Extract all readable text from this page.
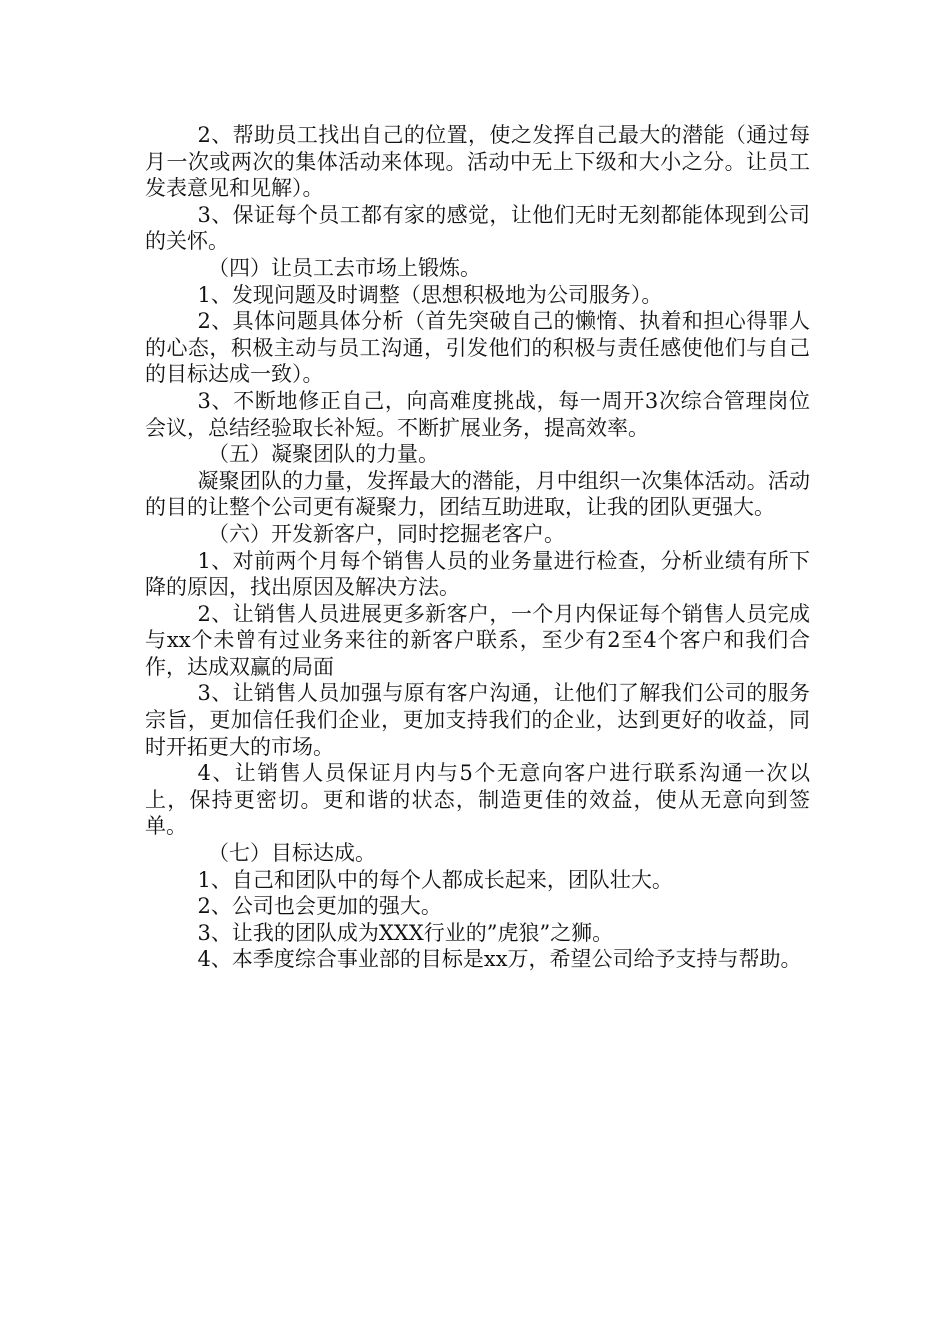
2、帮助员工找出自己的位置，使之发挥自己最大的潜能（通过每月一次或两次的集体活动来体现。活动中无上下级和大小之分。让员工发表意见和见解）。

3、保证每个员工都有家的感觉，让他们无时无刻都能体现到公司的关怀。

（四）让员工去市场上锻炼。

1、发现问题及时调整（思想积极地为公司服务）。

2、具体问题具体分析（首先突破自己的懒惰、执着和担心得罪人的心态，积极主动与员工沟通，引发他们的积极与责任感使他们与自己的目标达成一致）。

3、不断地修正自己，向高难度挑战，每一周开3次综合管理岗位会议，总结经验取长补短。不断扩展业务，提高效率。

（五）凝聚团队的力量。

凝聚团队的力量，发挥最大的潜能，月中组织一次集体活动。活动的目的让整个公司更有凝聚力，团结互助进取，让我的团队更强大。

（六）开发新客户，同时挖掘老客户。

1、对前两个月每个销售人员的业务量进行检查，分析业绩有所下降的原因，找出原因及解决方法。

2、让销售人员进展更多新客户，一个月内保证每个销售人员完成与xx个未曾有过业务来往的新客户联系，至少有2至4个客户和我们合作，达成双赢的局面

3、让销售人员加强与原有客户沟通，让他们了解我们公司的服务宗旨，更加信任我们企业，更加支持我们的企业，达到更好的收益，同时开拓更大的市场。

4、让销售人员保证月内与5个无意向客户进行联系沟通一次以上，保持更密切。更和谐的状态，制造更佳的效益，使从无意向到签单。

（七）目标达成。

1、自己和团队中的每个人都成长起来，团队壮大。

2、公司也会更加的强大。

3、让我的团队成为XXX行业的”虎狼”之狮。

4、本季度综合事业部的目标是xx万，希望公司给予支持与帮助。
